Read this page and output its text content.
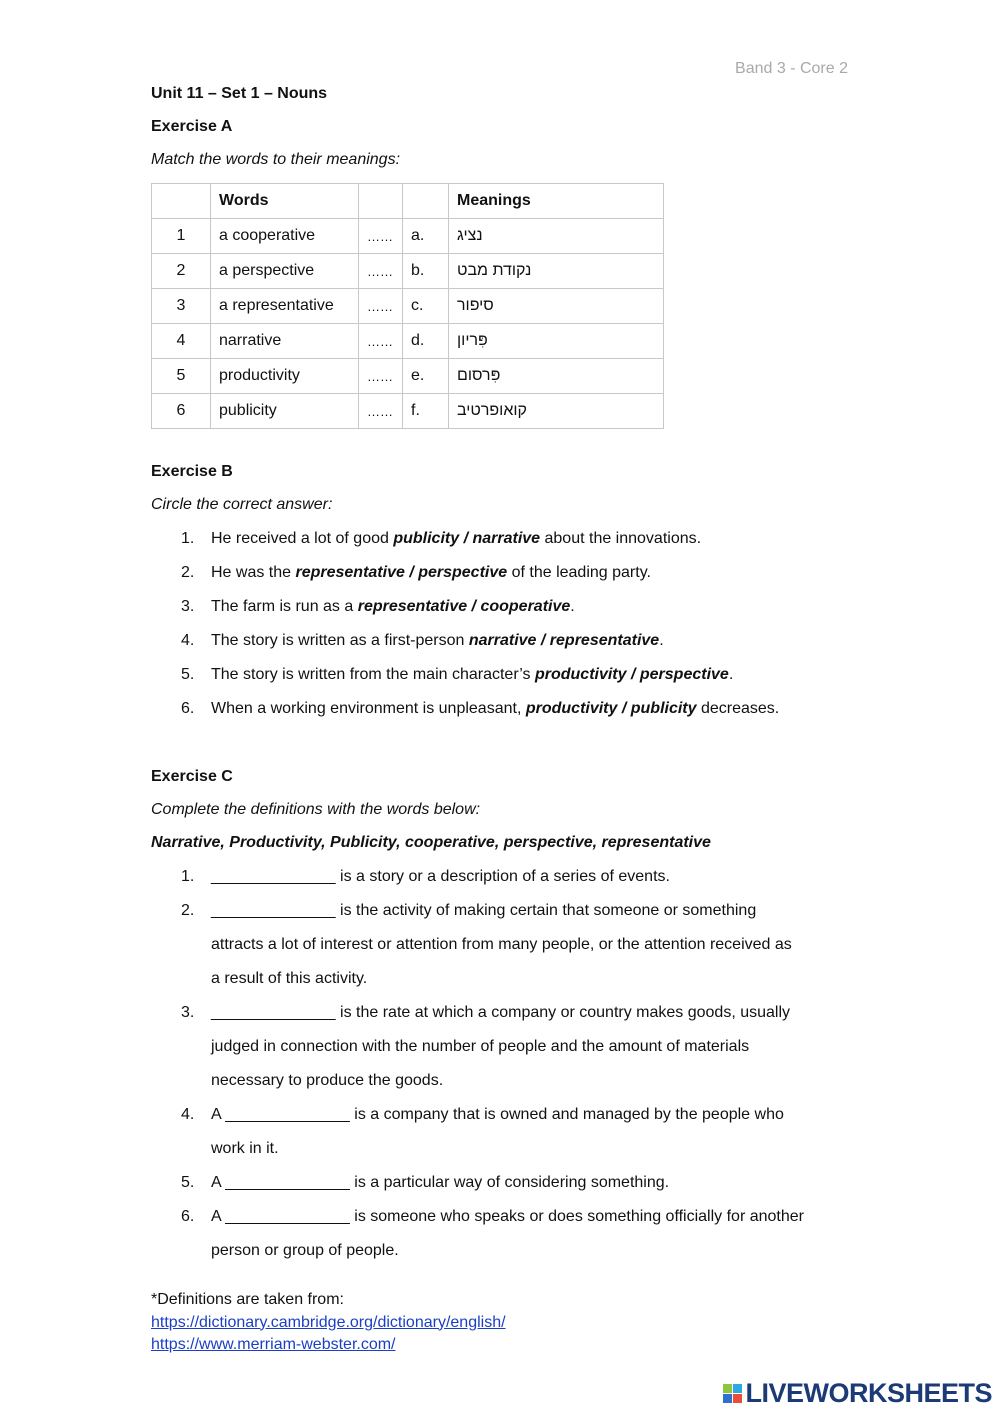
Band 3 - Core 2
Unit 11 – Set 1 – Nouns
Exercise A
Match the words to their meanings:
	Words			Meanings
1	a cooperative	……	a.	נציג
2	a perspective	……	b.	נקודת מבט
3	a representative	……	c.	סיפור
4	narrative	……	d.	פִּריון
5	productivity	……	e.	פִּרסום
6	publicity	……	f.	קואופרטיב
Exercise B
Circle the correct answer:
1. He received a lot of good publicity / narrative about the innovations.
2. He was the representative / perspective of the leading party.
3. The farm is run as a representative / cooperative.
4. The story is written as a first-person narrative / representative.
5. The story is written from the main character’s productivity / perspective.
6. When a working environment is unpleasant, productivity / publicity decreases.
Exercise C
Complete the definitions with the words below:
Narrative, Productivity, Publicity, cooperative, perspective, representative
1. ______________ is a story or a description of a series of events.
2. ______________ is the activity of making certain that someone or something
attracts a lot of interest or attention from many people, or the attention received as
a result of this activity.
3. ______________ is the rate at which a company or country makes goods, usually
judged in connection with the number of people and the amount of materials
necessary to produce the goods.
4. A ______________ is a company that is owned and managed by the people who
work in it.
5. A ______________ is a particular way of considering something.
6. A ______________ is someone who speaks or does something officially for another
person or group of people.
*Definitions are taken from:
https://dictionary.cambridge.org/dictionary/english/
https://www.merriam-webster.com/
LIVEWORKSHEETS
